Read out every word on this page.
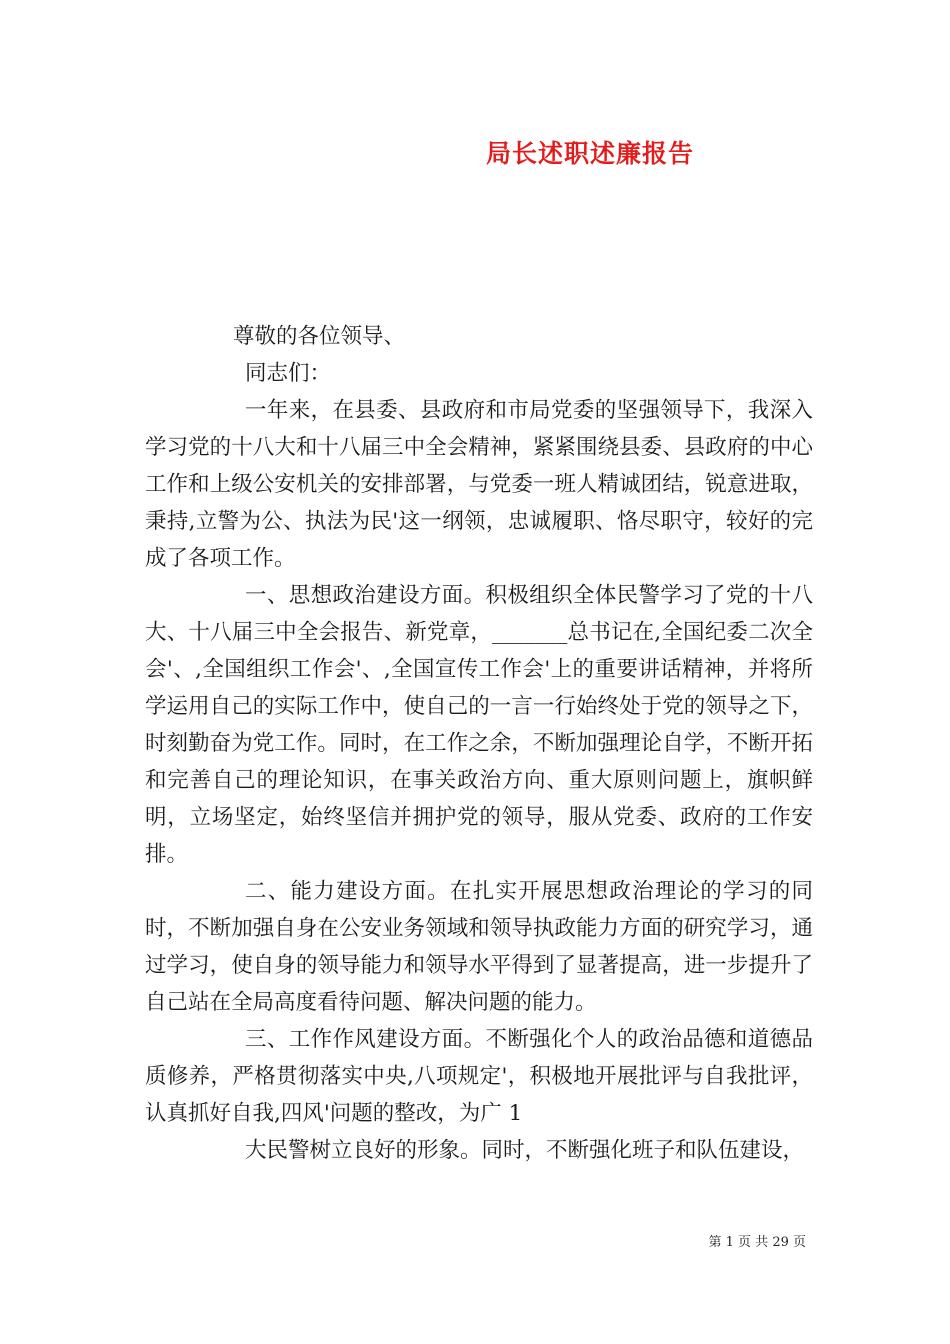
局长述职述廉报告

尊敬的各位领导、

同志们：

一年来，在县委、县政府和市局党委的坚强领导下，我深入学习党的十八大和十八届三中全会精神，紧紧围绕县委、县政府的中心工作和上级公安机关的安排部署，与党委一班人精诚团结，锐意进取，秉持,立警为公、执法为民'这一纲领，忠诚履职、恪尽职守，较好的完成了各项工作。

一、思想政治建设方面。积极组织全体民警学习了党的十八大、十八届三中全会报告、新党章，_______总书记在,全国纪委二次全会'、,全国组织工作会'、,全国宣传工作会'上的重要讲话精神，并将所学运用自己的实际工作中，使自己的一言一行始终处于党的领导之下，时刻勤奋为党工作。同时，在工作之余，不断加强理论自学，不断开拓和完善自己的理论知识，在事关政治方向、重大原则问题上，旗帜鲜明，立场坚定，始终坚信并拥护党的领导，服从党委、政府的工作安排。

二、能力建设方面。在扎实开展思想政治理论的学习的同时，不断加强自身在公安业务领域和领导执政能力方面的研究学习，通过学习，使自身的领导能力和领导水平得到了显著提高，进一步提升了自己站在全局高度看待问题、解决问题的能力。

三、工作作风建设方面。不断强化个人的政治品德和道德品质修养，严格贯彻落实中央,八项规定'，积极地开展批评与自我批评，认真抓好自我,四风'问题的整改，为广 1

大民警树立良好的形象。同时，不断强化班子和队伍建设，

第 1 页 共 29 页
